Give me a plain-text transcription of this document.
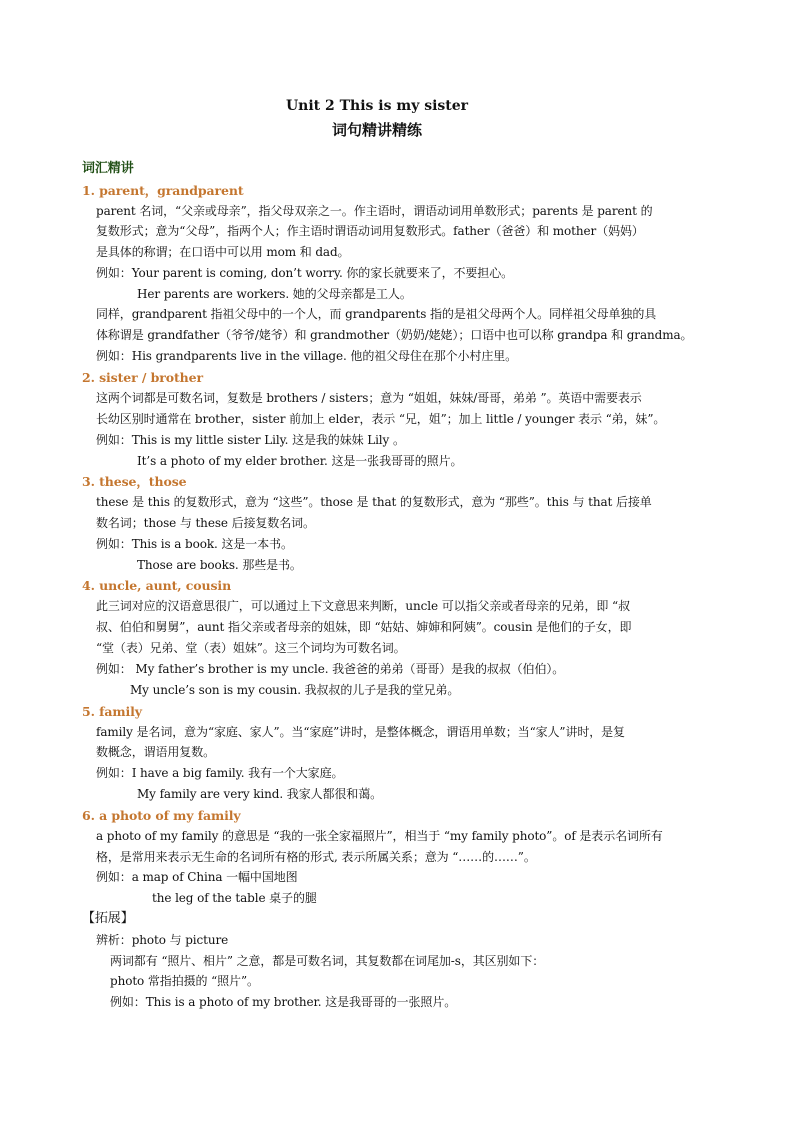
Unit 2 This is my sister
词句精讲精练
词汇精讲
1. parent，grandparent
parent 名词，“父亲或母亲”，指父母双亲之一。作主语时，谓语动词用单数形式；parents 是 parent 的
复数形式；意为“父母”，指两个人；作主语时谓语动词用复数形式。father（爸爸）和 mother（妈妈）
是具体的称谓；在口语中可以用 mom 和 dad。
例如：Your parent is coming, don’t worry. 你的家长就要来了，不要担心。
Her parents are workers. 她的父母亲都是工人。
同样，grandparent 指祖父母中的一个人，而 grandparents 指的是祖父母两个人。同样祖父母单独的具
体称谓是 grandfather（爷爷/姥爷）和 grandmother（奶奶/姥姥）；口语中也可以称 grandpa 和 grandma。
例如：His grandparents live in the village. 他的祖父母住在那个小村庄里。
2. sister / brother
这两个词都是可数名词，复数是 brothers / sisters；意为 “姐姐，妹妹/哥哥，弟弟 ”。英语中需要表示
长幼区别时通常在 brother，sister 前加上 elder，表示 “兄，姐”；加上 little / younger 表示 “弟，妹”。
例如：This is my little sister Lily. 这是我的妹妹 Lily 。
It’s a photo of my elder brother. 这是一张我哥哥的照片。
3. these，those
these 是 this 的复数形式，意为 “这些”。those 是 that 的复数形式，意为 “那些”。this 与 that 后接单
数名词；those 与 these 后接复数名词。
例如：This is a book. 这是一本书。
Those are books. 那些是书。
4. uncle, aunt, cousin
此三词对应的汉语意思很广，可以通过上下文意思来判断，uncle 可以指父亲或者母亲的兄弟，即 “叔
叔、伯伯和舅舅”，aunt 指父亲或者母亲的姐妹，即 “姑姑、婶婶和阿姨”。cousin 是他们的子女，即
“堂（表）兄弟、堂（表）姐妹”。这三个词均为可数名词。
例如： My father’s brother is my uncle. 我爸爸的弟弟（哥哥）是我的叔叔（伯伯）。
My uncle’s son is my cousin. 我叔叔的儿子是我的堂兄弟。
5. family
family 是名词，意为“家庭、家人”。当“家庭”讲时，是整体概念，谓语用单数；当“家人”讲时，是复
数概念，谓语用复数。
例如：I have a big family. 我有一个大家庭。
My family are very kind. 我家人都很和蔼。
6. a photo of my family
a photo of my family 的意思是 “我的一张全家福照片”，相当于 “my family photo”。of 是表示名词所有
格，是常用来表示无生命的名词所有格的形式, 表示所属关系；意为 “……的……”。
例如：a map of China 一幅中国地图
the leg of the table 桌子的腿
【拓展】
辨析：photo 与 picture
两词都有 “照片、相片” 之意，都是可数名词，其复数都在词尾加-s，其区别如下：
photo 常指拍摄的 “照片”。
例如：This is a photo of my brother. 这是我哥哥的一张照片。
